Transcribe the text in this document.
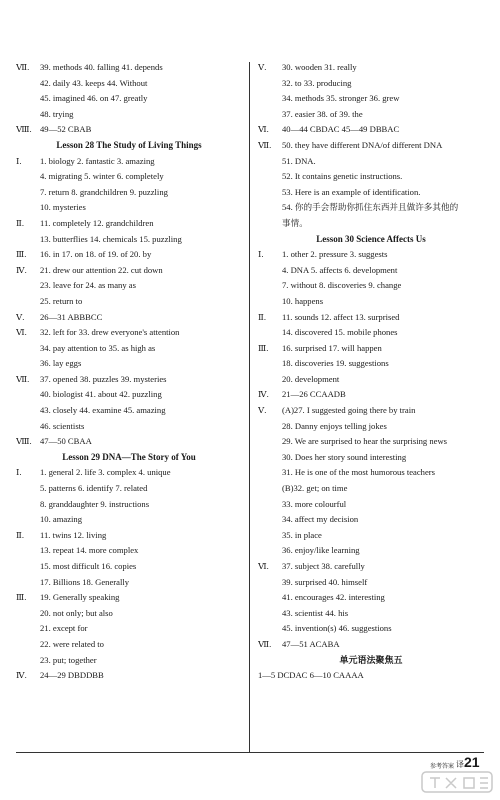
Ⅶ. 39. methods 40. falling 41. depends
42. daily 43. keeps 44. Without
45. imagined 46. on 47. greatly
48. trying
Ⅷ. 49—52 CBAB
Lesson 28 The Study of Living Things
Ⅰ. 1. biology 2. fantastic 3. amazing
4. migrating 5. winter 6. completely
7. return 8. grandchildren 9. puzzling
10. mysteries
Ⅱ. 11. completely 12. grandchildren
13. butterflies 14. chemicals 15. puzzling
Ⅲ. 16. in 17. on 18. of 19. of 20. by
Ⅳ. 21. drew our attention 22. cut down
23. leave for 24. as many as
25. return to
Ⅴ. 26—31 ABBBCC
Ⅵ. 32. left for 33. drew everyone's attention
34. pay attention to 35. as high as
36. lay eggs
Ⅶ. 37. opened 38. puzzles 39. mysteries
40. biologist 41. about 42. puzzling
43. closely 44. examine 45. amazing
46. scientists
Ⅷ. 47—50 CBAA
Lesson 29 DNA—The Story of You
Ⅰ. 1. general 2. life 3. complex 4. unique
5. patterns 6. identify 7. related
8. granddaughter 9. instructions
10. amazing
Ⅱ. 11. twins 12. living
13. repeat 14. more complex
15. most difficult 16. copies
17. Billions 18. Generally
Ⅲ. 19. Generally speaking
20. not only; but also
21. except for
22. were related to
23. put; together
Ⅳ. 24—29 DBDDBB
Ⅴ. 30. wooden 31. really
32. to 33. producing
34. methods 35. stronger 36. grew
37. easier 38. of 39. the
Ⅵ. 40—44 CBDAC 45—49 DBBAC
Ⅶ. 50. they have different DNA/of different DNA
51. DNA.
52. It contains genetic instructions.
53. Here is an example of identification.
54. 你的手会帮助你抓住东西并且做许多其他的
事情。
Lesson 30 Science Affects Us
Ⅰ. 1. other 2. pressure 3. suggests
4. DNA 5. affects 6. development
7. without 8. discoveries 9. change
10. happens
Ⅱ. 11. sounds 12. affect 13. surprised
14. discovered 15. mobile phones
Ⅲ. 16. surprised 17. will happen
18. discoveries 19. suggestions
20. development
Ⅳ. 21—26 CCAADB
Ⅴ. (A)27. I suggested going there by train
28. Danny enjoys telling jokes
29. We are surprised to hear the surprising news
30. Does her story sound interesting
31. He is one of the most humorous teachers
(B)32. get; on time
33. more colourful
34. affect my decision
35. in place
36. enjoy/like learning
Ⅵ. 37. subject 38. carefully
39. surprised 40. himself
41. encourages 42. interesting
43. scientist 44. his
45. invention(s) 46. suggestions
Ⅶ. 47—51 ACABA
单元语法聚焦五
1—5 DCDAC 6—10 CAAAA
参考答案 译21
